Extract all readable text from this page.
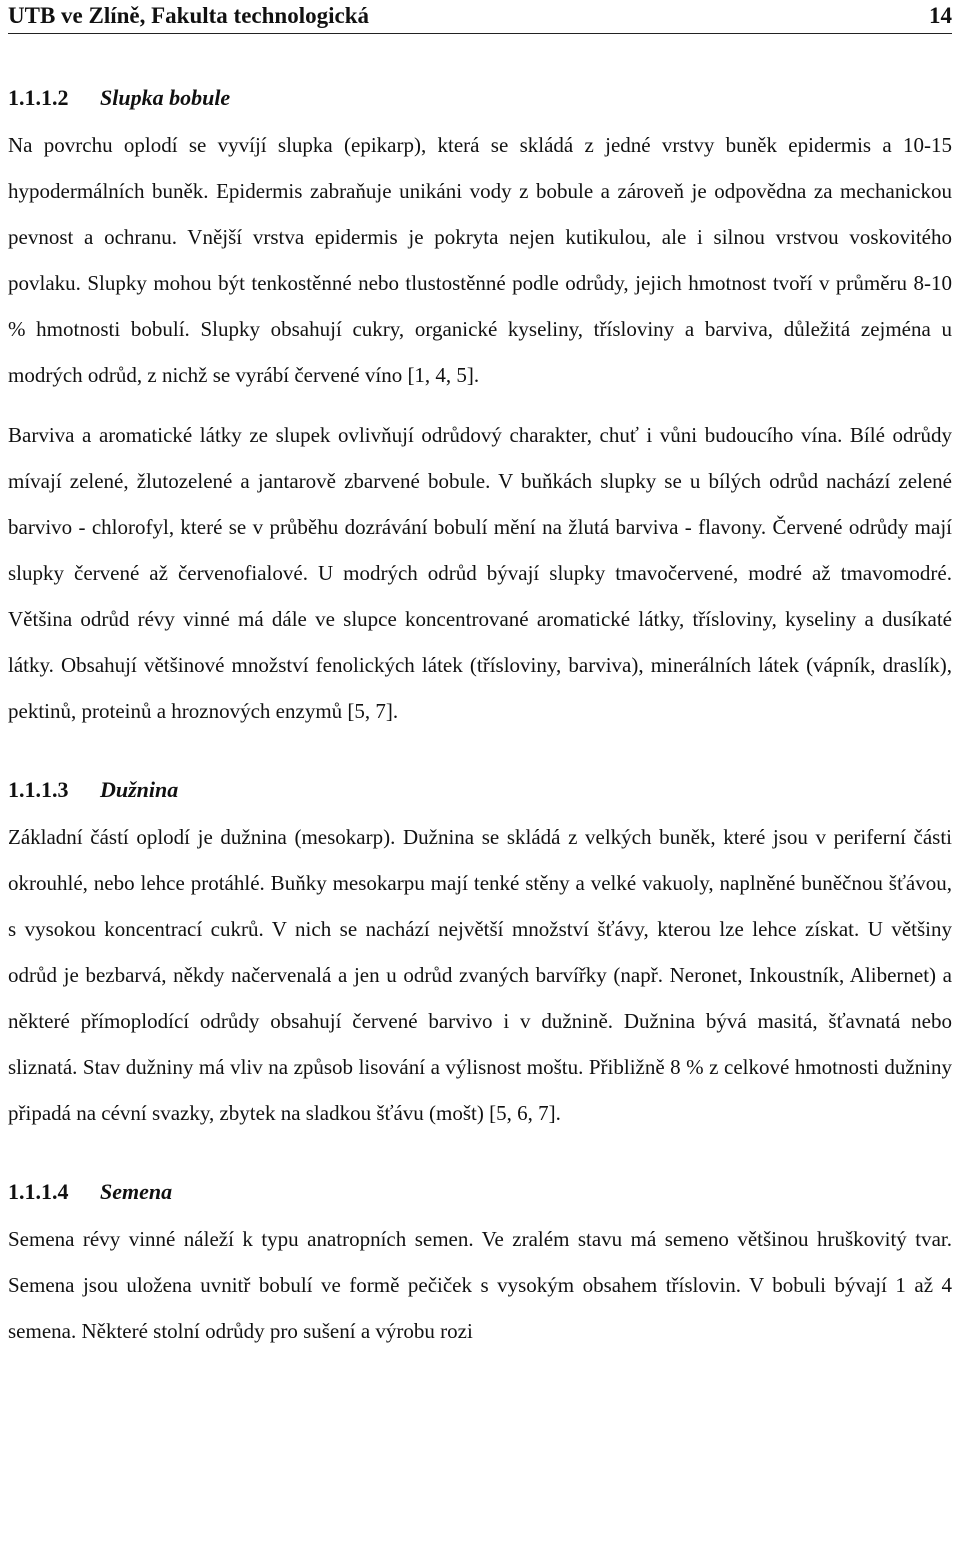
UTB ve Zlíně, Fakulta technologická	14
1.1.1.2 Slupka bobule

Na povrchu oplodí se vyvíjí slupka (epikarp), která se skládá z jedné vrstvy buněk epidermis a 10-15 hypodermálních buněk. Epidermis zabraňuje unikáni vody z bobule a zároveň je odpovědna za mechanickou pevnost a ochranu. Vnější vrstva epidermis je pokryta nejen kutikulou, ale i silnou vrstvou voskovitého povlaku. Slupky mohou být tenkostěnné nebo tlustostěnné podle odrůdy, jejich hmotnost tvoří v průměru 8-10 % hmotnosti bobulí. Slupky obsahují cukry, organické kyseliny, třísloviny a barviva, důležitá zejména u modrých odrůd, z nichž se vyrábí červené víno [1, 4, 5].

Barviva a aromatické látky ze slupek ovlivňují odrůdový charakter, chuť i vůni budoucího vína. Bílé odrůdy mívají zelené, žlutozelené a jantarově zbarvené bobule. V buňkách slupky se u bílých odrůd nachází zelené barvivo - chlorofyl, které se v průběhu dozrávání bobulí mění na žlutá barviva - flavony. Červené odrůdy mají slupky červené až červenofialové. U modrých odrůd bývají slupky tmavočervené, modré až tmavomodré. Většina odrůd révy vinné má dále ve slupce koncentrované aromatické látky, třísloviny, kyseliny a dusíkaté látky. Obsahují většinové množství fenolických látek (třísloviny, barviva), minerálních látek (vápník, draslík), pektinů, proteinů a hroznových enzymů [5, 7].

1.1.1.3 Dužnina

Základní částí oplodí je dužnina (mesokarp). Dužnina se skládá z velkých buněk, které jsou v periferní části okrouhlé, nebo lehce protáhlé. Buňky mesokarpu mají tenké stěny a velké vakuoly, naplněné buněčnou šťávou, s vysokou koncentrací cukrů. V nich se nachází největší množství šťávy, kterou lze lehce získat. U většiny odrůd je bezbarvá, někdy načervenalá a jen u odrůd zvaných barvířky (např. Neronet, Inkoustník, Alibernet) a některé přímoplodící odrůdy obsahují červené barvivo i v dužnině. Dužnina bývá masitá, šťavnatá nebo sliznatá. Stav dužniny má vliv na způsob lisování a výlisnost moštu. Přibližně 8 % z celkové hmotnosti dužniny připadá na cévní svazky, zbytek na sladkou šťávu (mošt) [5, 6, 7].

1.1.1.4 Semena

Semena révy vinné náleží k typu anatropních semen. Ve zralém stavu má semeno většinou hruškovitý tvar. Semena jsou uložena uvnitř bobulí ve formě pečiček s vysokým obsahem tříslovin. V bobuli bývají 1 až 4 semena. Některé stolní odrůdy pro sušení a výrobu rozi
